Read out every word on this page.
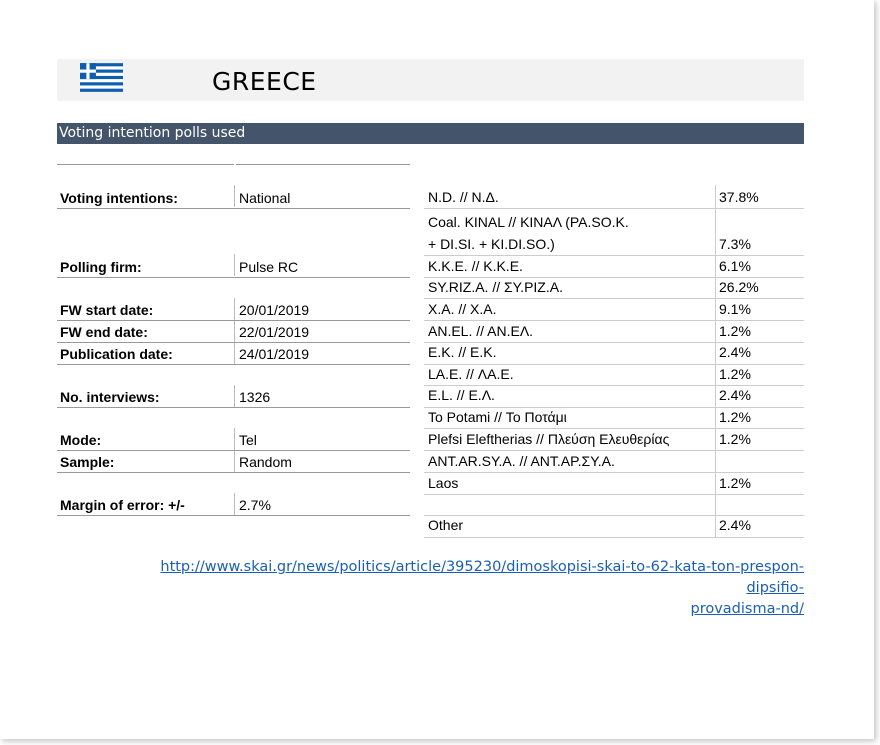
GREECE
Voting intention polls used
Voting intentions:	National
Polling firm:	Pulse RC
FW start date:	20/01/2019
FW end date:	22/01/2019
Publication date:	24/01/2019
No. interviews:	1326
Mode:	Tel
Sample:	Random
Margin of error: +/-	2.7%
N.D. // N.Δ.	37.8%
Coal. KINAL // KINAΛ (PA.SO.K.
+ DI.SI. + KI.DI.SO.)	7.3%
K.K.E. // K.K.E.	6.1%
SY.RIZ.A. // ΣY.PIZ.A.	26.2%
X.A. // X.A.	9.1%
AN.EL. // AN.EΛ.	1.2%
E.K. // E.K.	2.4%
LA.E. // ΛA.E.	1.2%
E.L. // E.Λ.	2.4%
To Potami // Το Ποτάμι	1.2%
Plefsi Eleftherias // Πλεύση Ελευθερίας	1.2%
ANT.AR.SY.A. // ANT.AP.ΣY.A.
Laos	1.2%
Other	2.4%
http://www.skai.gr/news/politics/article/395230/dimoskopisi-skai-to-62-kata-ton-prespon-dipsifio-
provadisma-nd/
